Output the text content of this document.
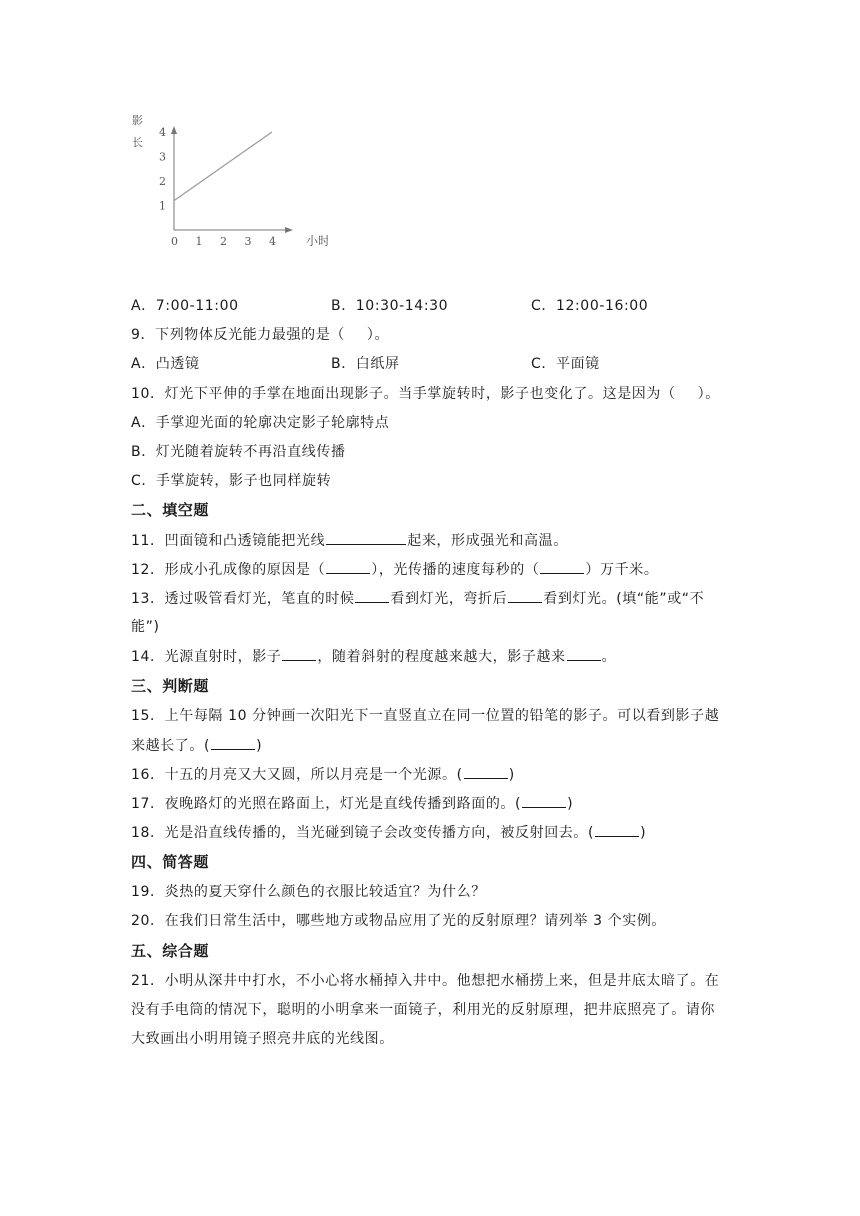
影
长
0 1 2 3 4
1
2
3
4
小时
A．7:00-11:00	B．10:30-14:30	C．12:00-16:00
9．下列物体反光能力最强的是（ ）。
A．凸透镜	B．白纸屏	C．平面镜
10．灯光下平伸的手掌在地面出现影子。当手掌旋转时，影子也变化了。这是因为（ ）。
A．手掌迎光面的轮廓决定影子轮廓特点
B．灯光随着旋转不再沿直线传播
C．手掌旋转，影子也同样旋转
二、填空题
11．凹面镜和凸透镜能把光线	起来，形成强光和高温。
12．形成小孔成像的原因是（	），光传播的速度每秒的（	）万千米。
13．透过吸管看灯光，笔直的时候	看到灯光，弯折后	看到灯光。(填“能”或“不
能”)
14．光源直射时，影子	，随着斜射的程度越来越大，影子越来	。
三、判断题
15．上午每隔 10 分钟画一次阳光下一直竖直立在同一位置的铅笔的影子。可以看到影子越
来越长了。(	)
16．十五的月亮又大又圆，所以月亮是一个光源。(	)
17．夜晚路灯的光照在路面上，灯光是直线传播到路面的。(	)
18．光是沿直线传播的，当光碰到镜子会改变传播方向，被反射回去。(	)
四、简答题
19．炎热的夏天穿什么颜色的衣服比较适宜？为什么？
20．在我们日常生活中，哪些地方或物品应用了光的反射原理？请列举 3 个实例。
五、综合题
21．小明从深井中打水，不小心将水桶掉入井中。他想把水桶捞上来，但是井底太暗了。在
没有手电筒的情况下，聪明的小明拿来一面镜子，利用光的反射原理，把井底照亮了。请你
大致画出小明用镜子照亮井底的光线图。
